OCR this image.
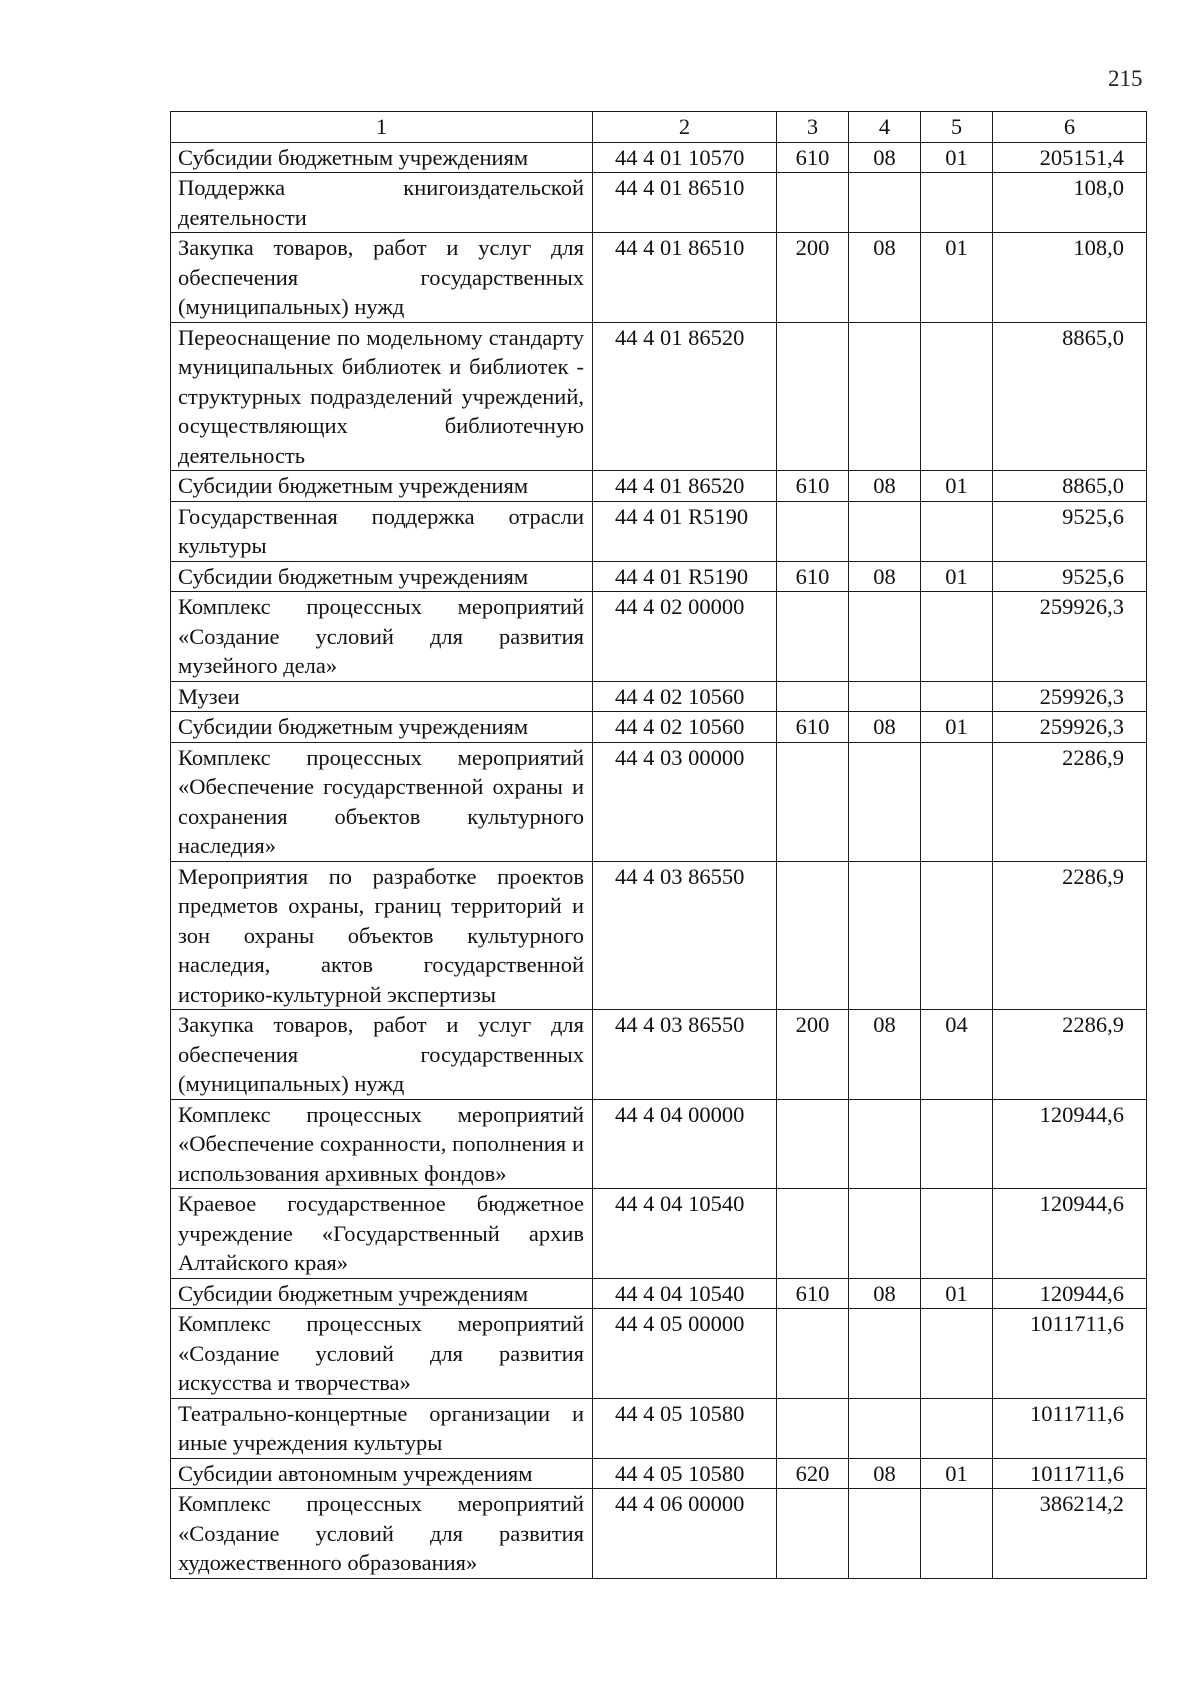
215
1	2	3	4	5	6
Субсидии бюджетным учреждениям	44 4 01 10570	610	08	01	205151,4
Поддержка книгоиздательской деятельности	44 4 01 86510				108,0
Закупка товаров, работ и услуг для обеспечения государственных (муниципальных) нужд	44 4 01 86510	200	08	01	108,0
Переоснащение по модельному стандарту муниципальных библиотек и библиотек - структурных подразделений учреждений, осуществляющих библиотечную деятельность	44 4 01 86520				8865,0
Субсидии бюджетным учреждениям	44 4 01 86520	610	08	01	8865,0
Государственная поддержка отрасли культуры	44 4 01 R5190				9525,6
Субсидии бюджетным учреждениям	44 4 01 R5190	610	08	01	9525,6
Комплекс процессных мероприятий «Создание условий для развития музейного дела»	44 4 02 00000				259926,3
Музеи	44 4 02 10560				259926,3
Субсидии бюджетным учреждениям	44 4 02 10560	610	08	01	259926,3
Комплекс процессных мероприятий «Обеспечение государственной охраны и сохранения объектов культурного наследия»	44 4 03 00000				2286,9
Мероприятия по разработке проектов предметов охраны, границ территорий и зон охраны объектов культурного наследия, актов государственной историко-культурной экспертизы	44 4 03 86550				2286,9
Закупка товаров, работ и услуг для обеспечения государственных (муниципальных) нужд	44 4 03 86550	200	08	04	2286,9
Комплекс процессных мероприятий «Обеспечение сохранности, пополнения и использования архивных фондов»	44 4 04 00000				120944,6
Краевое государственное бюджетное учреждение «Государственный архив Алтайского края»	44 4 04 10540				120944,6
Субсидии бюджетным учреждениям	44 4 04 10540	610	08	01	120944,6
Комплекс процессных мероприятий «Создание условий для развития искусства и творчества»	44 4 05 00000				1011711,6
Театрально-концертные организации и иные учреждения культуры	44 4 05 10580				1011711,6
Субсидии автономным учреждениям	44 4 05 10580	620	08	01	1011711,6
Комплекс процессных мероприятий «Создание условий для развития художественного образования»	44 4 06 00000				386214,2
